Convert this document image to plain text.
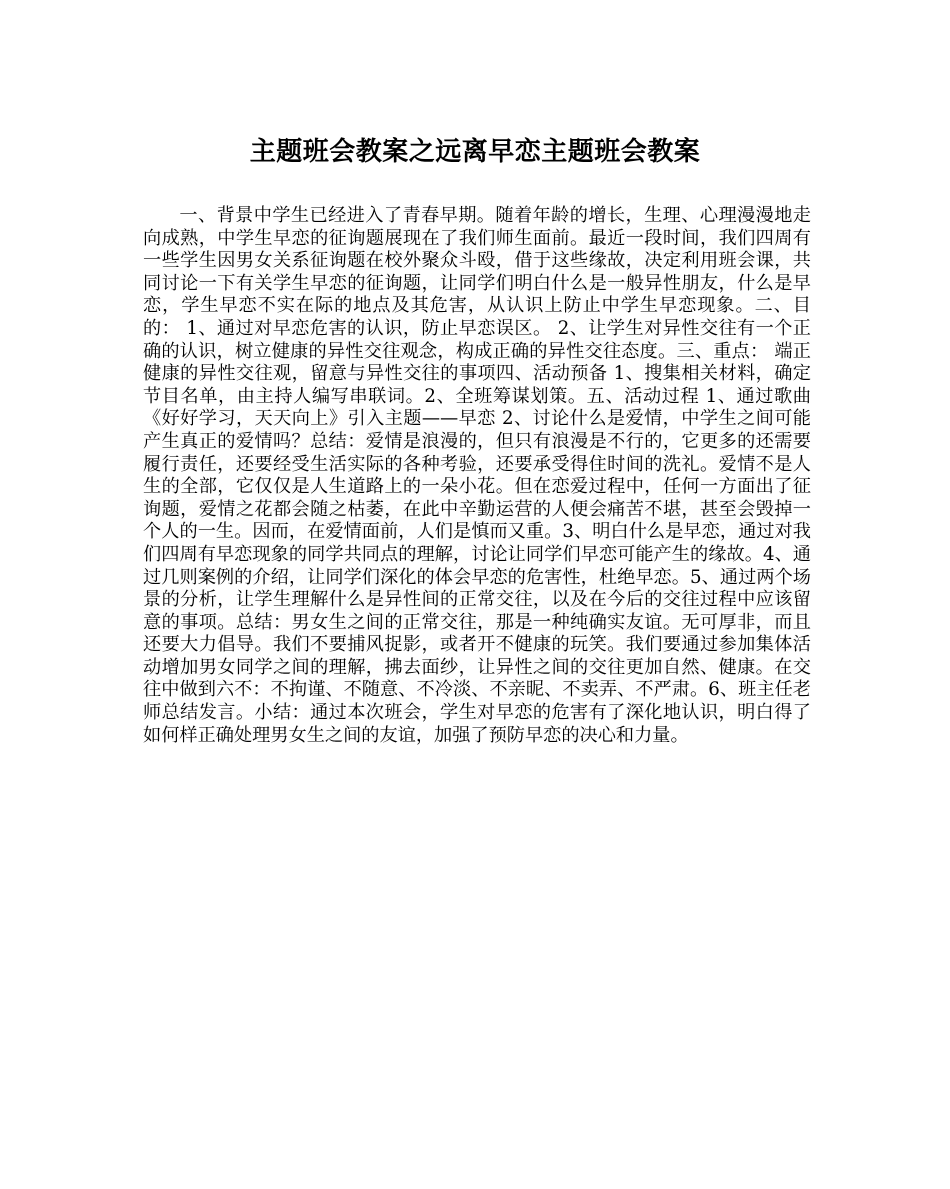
主题班会教案之远离早恋主题班会教案

一、背景中学生已经进入了青春早期。随着年龄的增长，生理、心理漫漫地走向成熟，中学生早恋的征询题展现在了我们师生面前。最近一段时间，我们四周有一些学生因男女关系征询题在校外聚众斗殴，借于这些缘故，决定利用班会课，共同讨论一下有关学生早恋的征询题，让同学们明白什么是一般异性朋友，什么是早恋，学生早恋不实在际的地点及其危害，从认识上防止中学生早恋现象。二、目的： 1、通过对早恋危害的认识，防止早恋误区。 2、让学生对异性交往有一个正确的认识，树立健康的异性交往观念，构成正确的异性交往态度。三、重点： 端正健康的异性交往观，留意与异性交往的事项四、活动预备 1、搜集相关材料，确定节目名单，由主持人编写串联词。2、全班筹谋划策。五、活动过程 1、通过歌曲《好好学习，天天向上》引入主题——早恋 2、讨论什么是爱情，中学生之间可能产生真正的爱情吗？总结：爱情是浪漫的，但只有浪漫是不行的，它更多的还需要履行责任，还要经受生活实际的各种考验，还要承受得住时间的洗礼。爱情不是人生的全部，它仅仅是人生道路上的一朵小花。但在恋爱过程中，任何一方面出了征询题，爱情之花都会随之枯萎，在此中辛勤运营的人便会痛苦不堪，甚至会毁掉一个人的一生。因而，在爱情面前，人们是慎而又重。3、明白什么是早恋，通过对我们四周有早恋现象的同学共同点的理解，讨论让同学们早恋可能产生的缘故。4、通过几则案例的介绍，让同学们深化的体会早恋的危害性，杜绝早恋。5、通过两个场景的分析，让学生理解什么是异性间的正常交往，以及在今后的交往过程中应该留意的事项。总结：男女生之间的正常交往，那是一种纯确实友谊。无可厚非，而且还要大力倡导。我们不要捕风捉影，或者开不健康的玩笑。我们要通过参加集体活动增加男女同学之间的理解，拂去面纱，让异性之间的交往更加自然、健康。在交往中做到六不：不拘谨、不随意、不冷淡、不亲昵、不卖弄、不严肃。6、班主任老师总结发言。小结：通过本次班会，学生对早恋的危害有了深化地认识，明白得了如何样正确处理男女生之间的友谊，加强了预防早恋的决心和力量。
